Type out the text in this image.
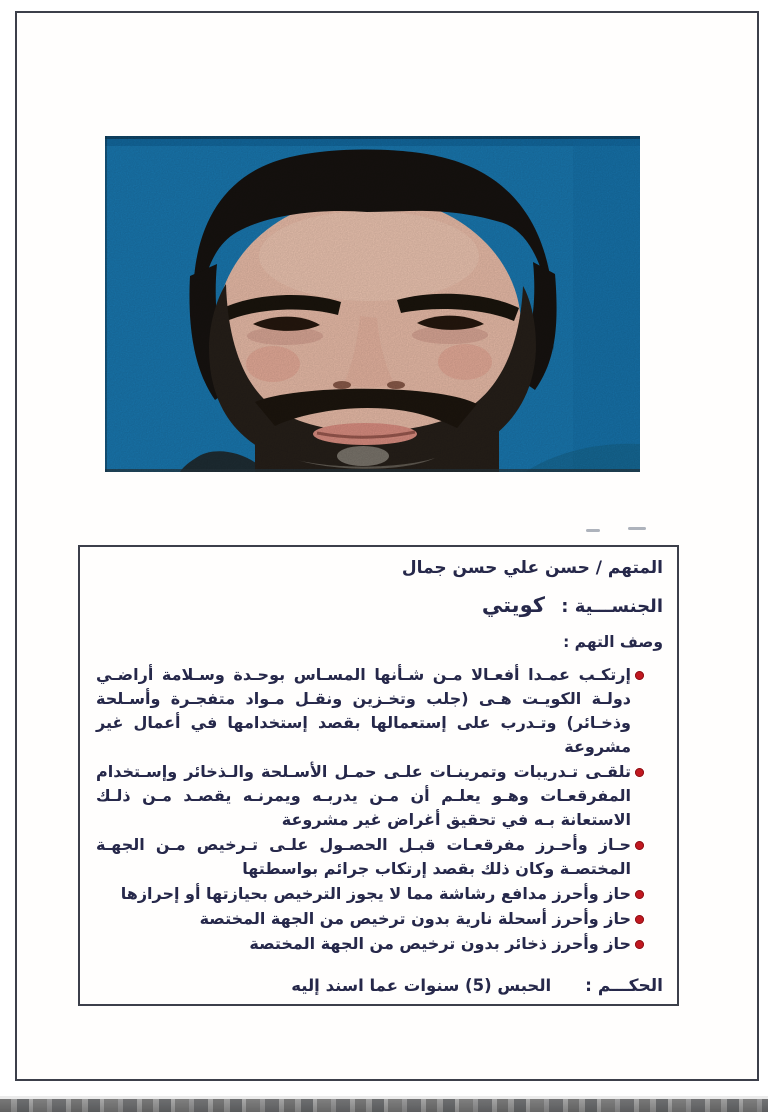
المتهم / حسن علي حسن جمال
الجنســـية : كويتي
وصف التهم :
إرتكـب عمـدا أفعـالا مـن شـأنها المسـاس بوحـدة وسـلامة أراضـي دولـة الكويـت هـى (جلب وتخـزين ونقـل مـواد متفجـرة وأسـلحة وذخـائر) وتـدرب على إستعمالها بقصد إستخدامها في أعمال غير مشروعة
تلقـى تـدريبات وتمرينـات علـى حمـل الأسـلحة والـذخائر وإسـتخدام المفرقعـات وهـو يعلـم أن مـن يدربـه ويمرنـه يقصـد مـن ذلـك الاستعانة بـه في تحقيق أغراض غير مشروعة
حـاز وأحـرز مفرقعـات قبـل الحصـول علـى تـرخيص مـن الجهـة المختصـة وكان ذلك بقصد إرتكاب جرائم بواسطتها
حاز وأحرز مدافع رشاشة مما لا يجوز الترخيص بحيازتها أو إحرازها
حاز وأحرز أسحلة نارية بدون ترخيص من الجهة المختصة
حاز وأحرز ذخائر بدون ترخيص من الجهة المختصة
الحكـــم :
الحبس (5) سنوات عما اسند إليه
